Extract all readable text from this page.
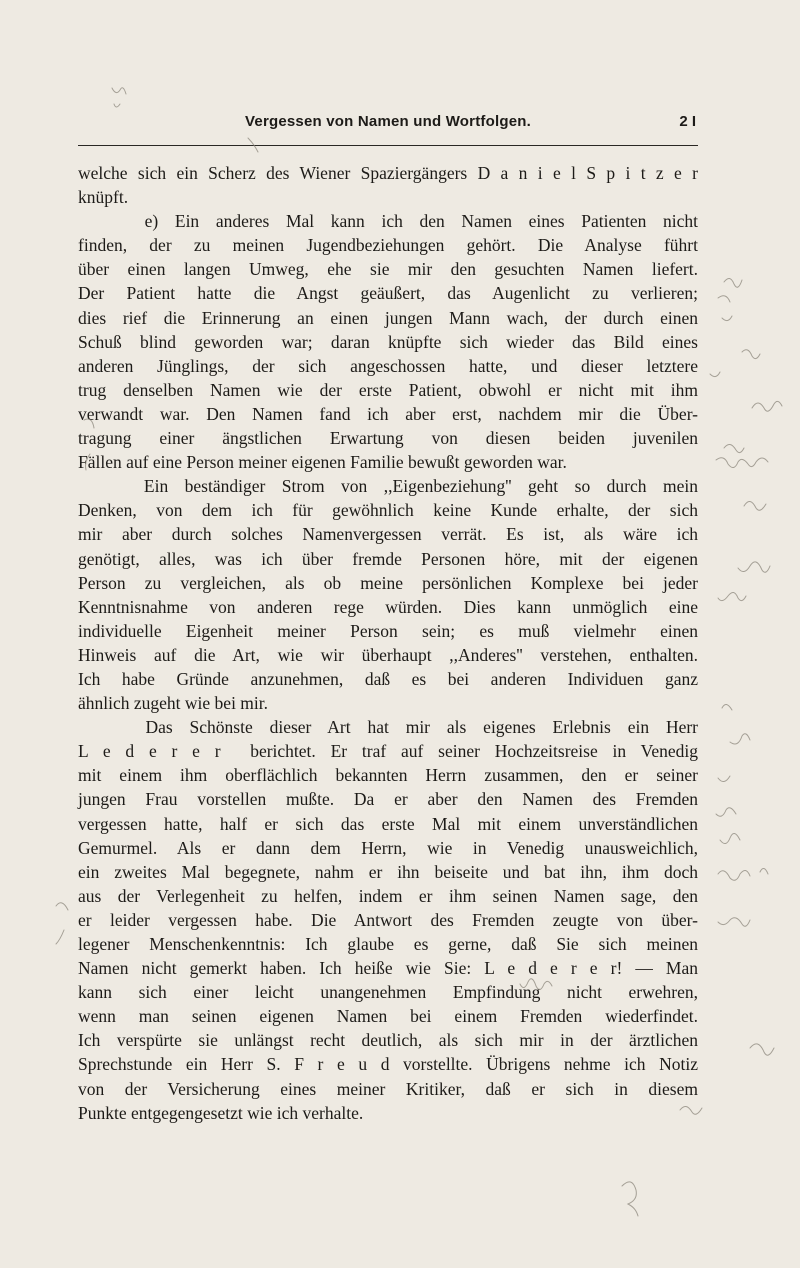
Vergessen von Namen und Wortfolgen.	2 I
welche sich ein Scherz des Wiener Spaziergängers D a n i e l S p i t z e r
knüpft.
e) Ein anderes Mal kann ich den Namen eines Patienten nicht
finden, der zu meinen Jugendbeziehungen gehört. Die Analyse führt
über einen langen Umweg, ehe sie mir den gesuchten Namen liefert.
Der Patient hatte die Angst geäußert, das Augenlicht zu verlieren;
dies rief die Erinnerung an einen jungen Mann wach, der durch einen
Schuß blind geworden war; daran knüpfte sich wieder das Bild eines
anderen Jünglings, der sich angeschossen hatte, und dieser letztere
trug denselben Namen wie der erste Patient, obwohl er nicht mit ihm
verwandt war. Den Namen fand ich aber erst, nachdem mir die Über-
tragung einer ängstlichen Erwartung von diesen beiden juvenilen
Fällen auf eine Person meiner eigenen Familie bewußt geworden war.
Ein beständiger Strom von ,,Eigenbeziehung'' geht so durch mein
Denken, von dem ich für gewöhnlich keine Kunde erhalte, der sich
mir aber durch solches Namenvergessen verrät. Es ist, als wäre ich
genötigt, alles, was ich über fremde Personen höre, mit der eigenen
Person zu vergleichen, als ob meine persönlichen Komplexe bei jeder
Kenntnisnahme von anderen rege würden. Dies kann unmöglich eine
individuelle Eigenheit meiner Person sein; es muß vielmehr einen
Hinweis auf die Art, wie wir überhaupt ,,Anderes'' verstehen, enthalten.
Ich habe Gründe anzunehmen, daß es bei anderen Individuen ganz
ähnlich zugeht wie bei mir.
Das Schönste dieser Art hat mir als eigenes Erlebnis ein Herr
L e d e r e r  berichtet. Er traf auf seiner Hochzeitsreise in Venedig
mit einem ihm oberflächlich bekannten Herrn zusammen, den er seiner
jungen Frau vorstellen mußte. Da er aber den Namen des Fremden
vergessen hatte, half er sich das erste Mal mit einem unverständlichen
Gemurmel. Als er dann dem Herrn, wie in Venedig unausweichlich,
ein zweites Mal begegnete, nahm er ihn beiseite und bat ihn, ihm doch
aus der Verlegenheit zu helfen, indem er ihm seinen Namen sage, den
er leider vergessen habe. Die Antwort des Fremden zeugte von über-
legener Menschenkenntnis: Ich glaube es gerne, daß Sie sich meinen
Namen nicht gemerkt haben. Ich heiße wie Sie: L e d e r e r! — Man
kann sich einer leicht unangenehmen Empfindung nicht erwehren,
wenn man seinen eigenen Namen bei einem Fremden wiederfindet.
Ich verspürte sie unlängst recht deutlich, als sich mir in der ärztlichen
Sprechstunde ein Herr S. F r e u d vorstellte. Übrigens nehme ich Notiz
von der Versicherung eines meiner Kritiker, daß er sich in diesem
Punkte entgegengesetzt wie ich verhalte.
